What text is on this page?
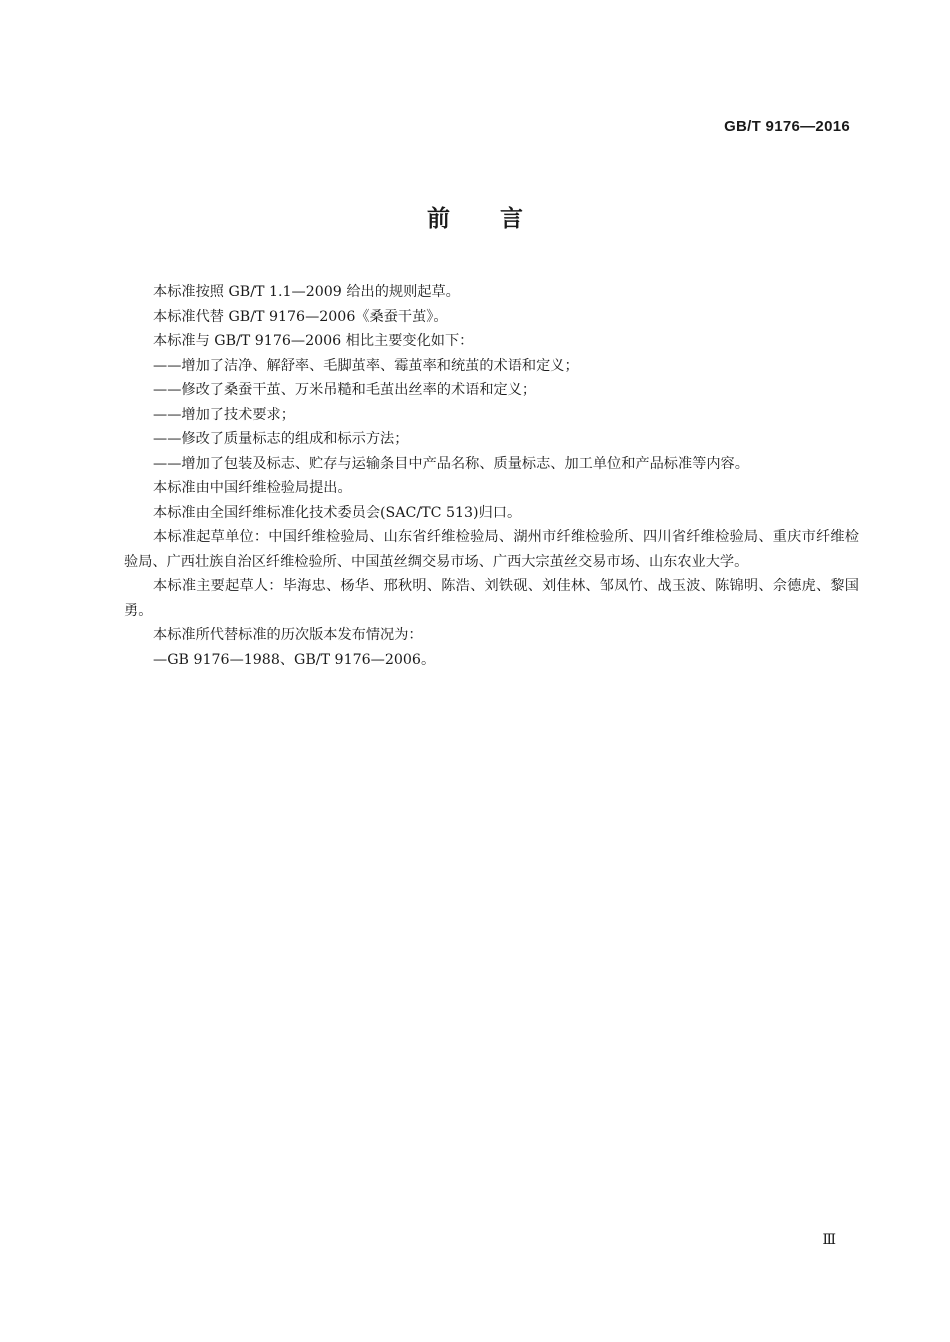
GB/T 9176—2016
前言

本标准按照 GB/T 1.1—2009 给出的规则起草。

本标准代替 GB/T 9176—2006《桑蚕干茧》。

本标准与 GB/T 9176—2006 相比主要变化如下：

——增加了洁净、解舒率、毛脚茧率、霉茧率和统茧的术语和定义；

——修改了桑蚕干茧、万米吊糙和毛茧出丝率的术语和定义；

——增加了技术要求；

——修改了质量标志的组成和标示方法；

——增加了包装及标志、贮存与运输条目中产品名称、质量标志、加工单位和产品标准等内容。

本标准由中国纤维检验局提出。

本标准由全国纤维标准化技术委员会(SAC/TC 513)归口。

本标准起草单位：中国纤维检验局、山东省纤维检验局、湖州市纤维检验所、四川省纤维检验局、重庆市纤维检验局、广西壮族自治区纤维检验所、中国茧丝绸交易市场、广西大宗茧丝交易市场、山东农业大学。

本标准主要起草人：毕海忠、杨华、邢秋明、陈浩、刘铁砚、刘佳林、邹凤竹、战玉波、陈锦明、佘德虎、黎国勇。

本标准所代替标准的历次版本发布情况为：

—GB 9176—1988、GB/T 9176—2006。

Ⅲ
